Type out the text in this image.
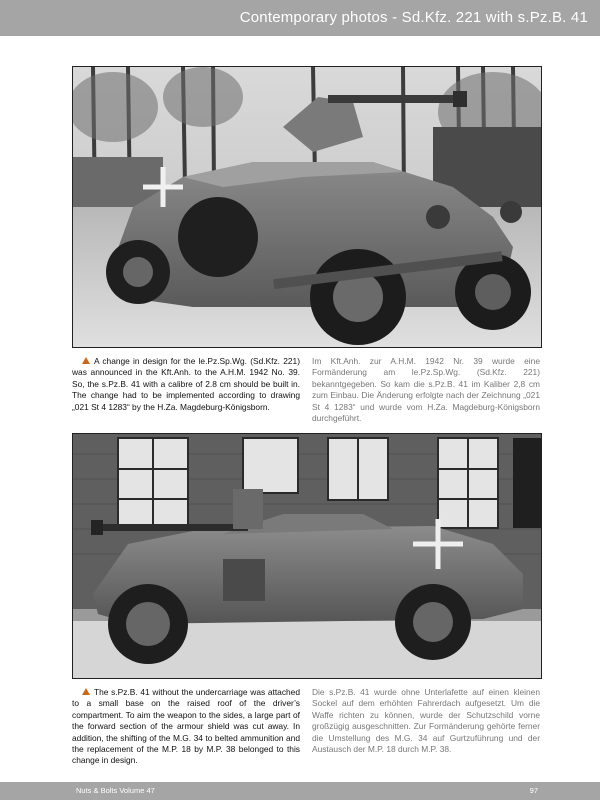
Contemporary photos - Sd.Kfz. 221 with s.Pz.B. 41

A change in design for the le.Pz.Sp.Wg. (Sd.Kfz. 221) was announced in the Kft.Anh. to the A.H.M. 1942 No. 39. So, the s.Pz.B. 41 with a calibre of 2.8 cm should be built in. The change had to be implemented according to drawing „021 St 4 1283“ by the H.Za. Magdeburg-Königsborn.

Im Kft.Anh. zur A.H.M. 1942 Nr. 39 wurde eine Formänderung am le.Pz.Sp.Wg. (Sd.Kfz. 221) bekanntgegeben. So kam die s.Pz.B. 41 im Kaliber 2,8 cm zum Einbau. Die Änderung erfolgte nach der Zeichnung „021 St 4 1283“ und wurde vom H.Za. Magdeburg-Königsborn durchgeführt.

The s.Pz.B. 41 without the undercarriage was attached to a small base on the raised roof of the driver’s compartment. To aim the weapon to the sides, a large part of the forward section of the armour shield was cut away. In addition, the shifting of the M.G. 34 to belted ammunition and the replacement of the M.P. 18 by M.P. 38 belonged to this change in design.

Die s.Pz.B. 41 wurde ohne Unterlafette auf einen kleinen Sockel auf dem erhöhten Fahrerdach aufgesetzt. Um die Waffe richten zu können, wurde der Schutzschild vorne großzügig ausgeschnitten. Zur Formänderung gehörte ferner die Umstellung des M.G. 34 auf Gurtzuführung und der Austausch der M.P. 18 durch M.P. 38.

Nuts & Bolts Volume 47	97
